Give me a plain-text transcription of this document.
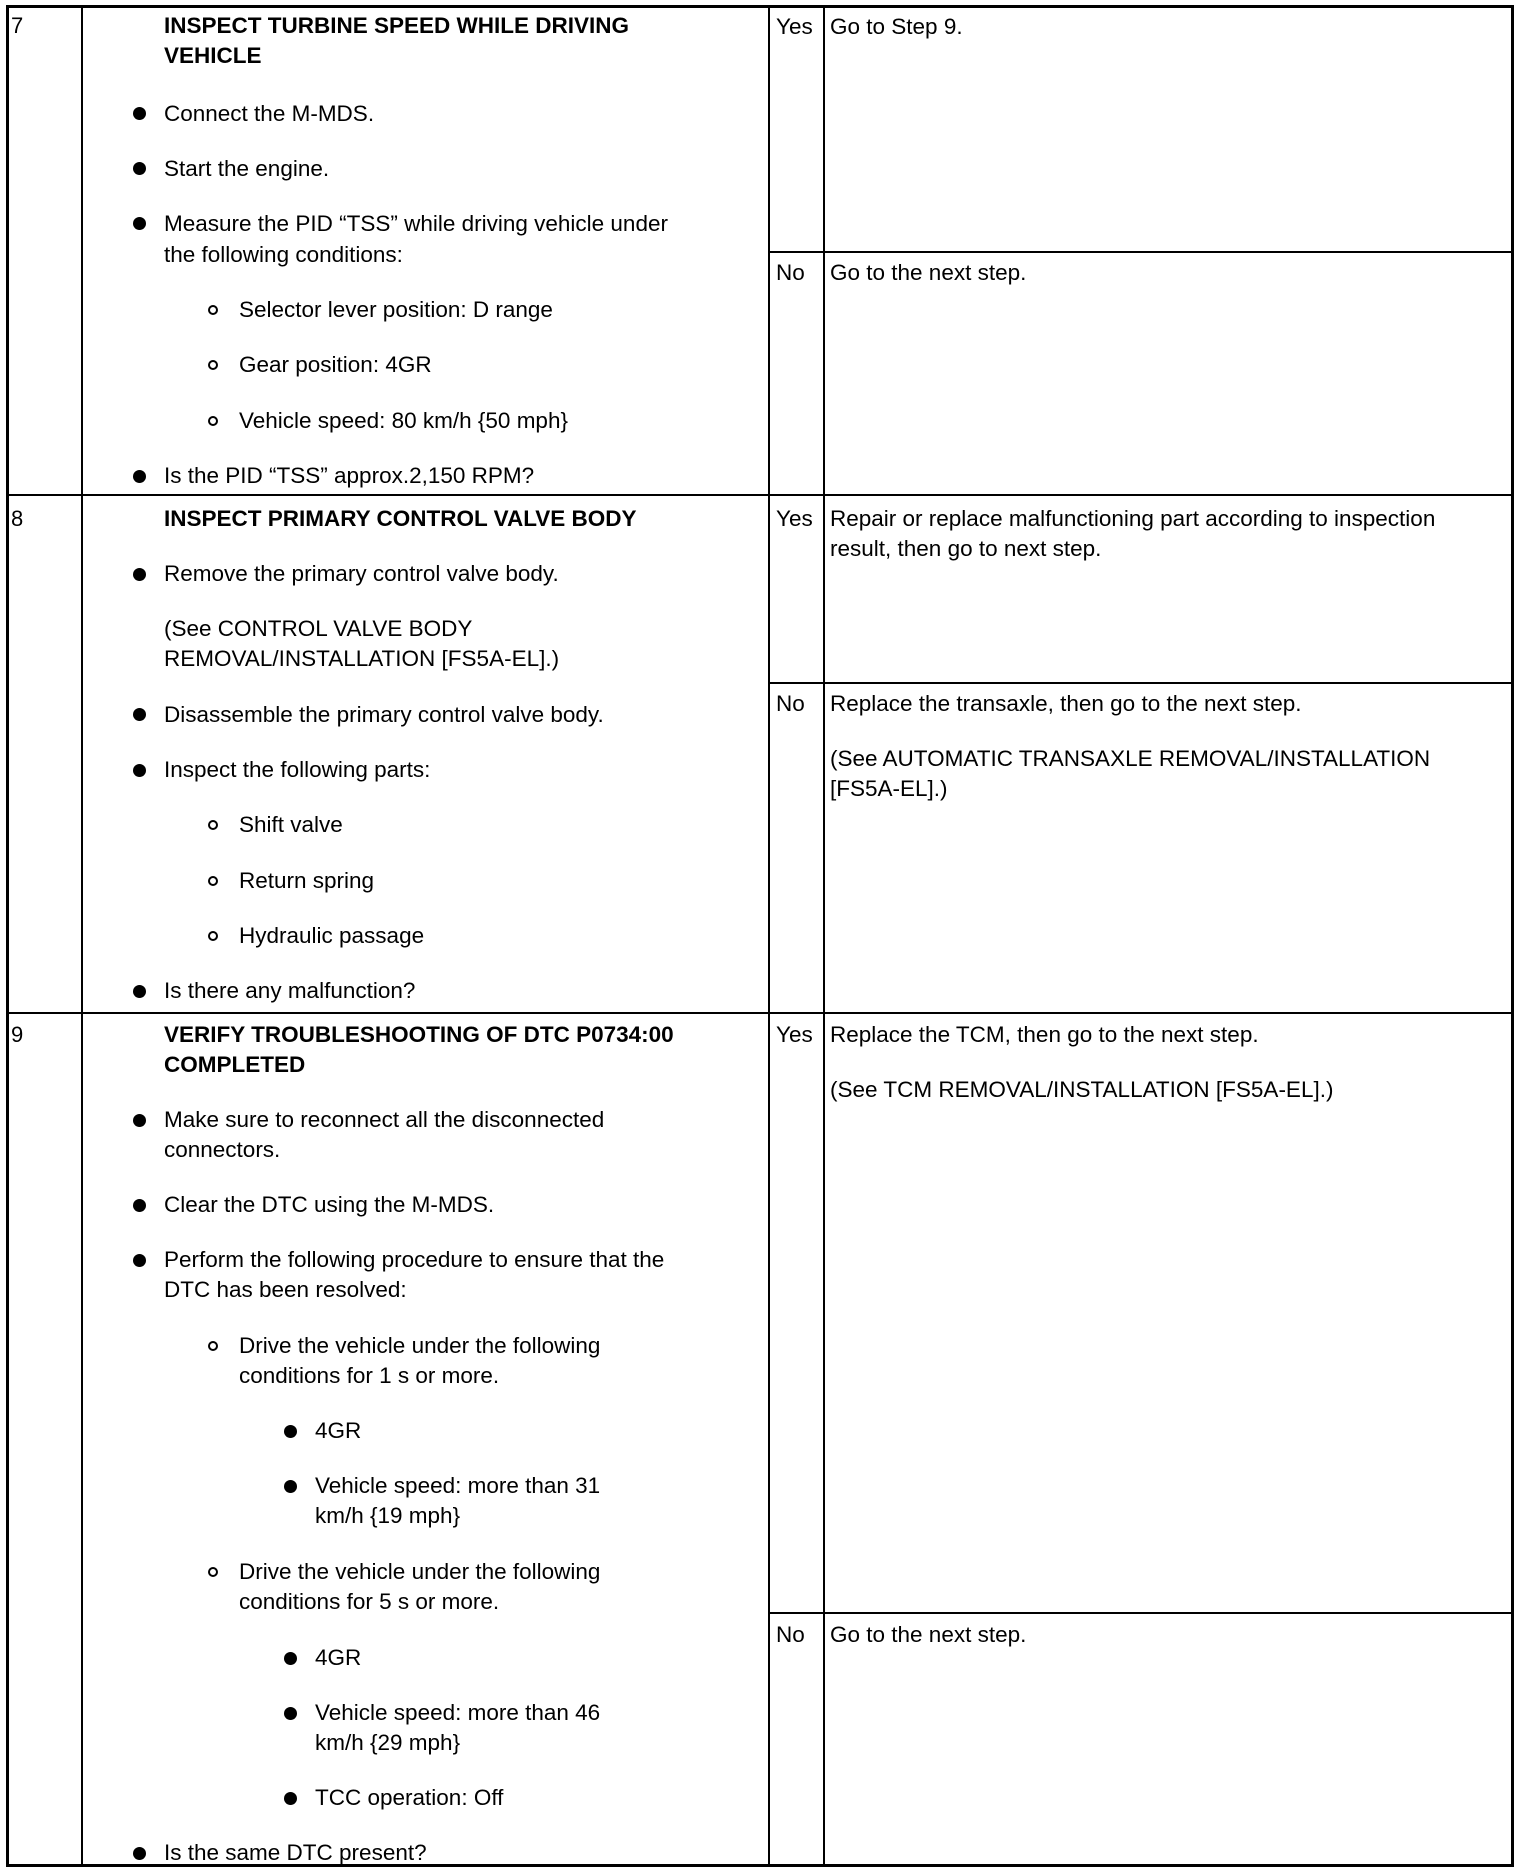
7	INSPECT TURBINE SPEED WHILE DRIVING
VEHICLE
Connect the M-MDS.
Start the engine.
Measure the PID “TSS” while driving vehicle under
the following conditions:
Selector lever position: D range
Gear position: 4GR
Vehicle speed: 80 km/h {50 mph}
Is the PID “TSS” approx.2,150 RPM?
Yes Go to Step 9.
No Go to the next step.
8	INSPECT PRIMARY CONTROL VALVE BODY
Remove the primary control valve body.
(See CONTROL VALVE BODY
REMOVAL/INSTALLATION [FS5A-EL].)
Disassemble the primary control valve body.
Inspect the following parts:
Shift valve
Return spring
Hydraulic passage
Is there any malfunction?
Yes Repair or replace malfunctioning part according to inspection
result, then go to next step.
No Replace the transaxle, then go to the next step.
(See AUTOMATIC TRANSAXLE REMOVAL/INSTALLATION
[FS5A-EL].)
9	VERIFY TROUBLESHOOTING OF DTC P0734:00
COMPLETED
Make sure to reconnect all the disconnected
connectors.
Clear the DTC using the M-MDS.
Perform the following procedure to ensure that the
DTC has been resolved:
Drive the vehicle under the following
conditions for 1 s or more.
4GR
Vehicle speed: more than 31
km/h {19 mph}
Drive the vehicle under the following
conditions for 5 s or more.
4GR
Vehicle speed: more than 46
km/h {29 mph}
TCC operation: Off
Is the same DTC present?
Yes Replace the TCM, then go to the next step.
(See TCM REMOVAL/INSTALLATION [FS5A-EL].)
No Go to the next step.
